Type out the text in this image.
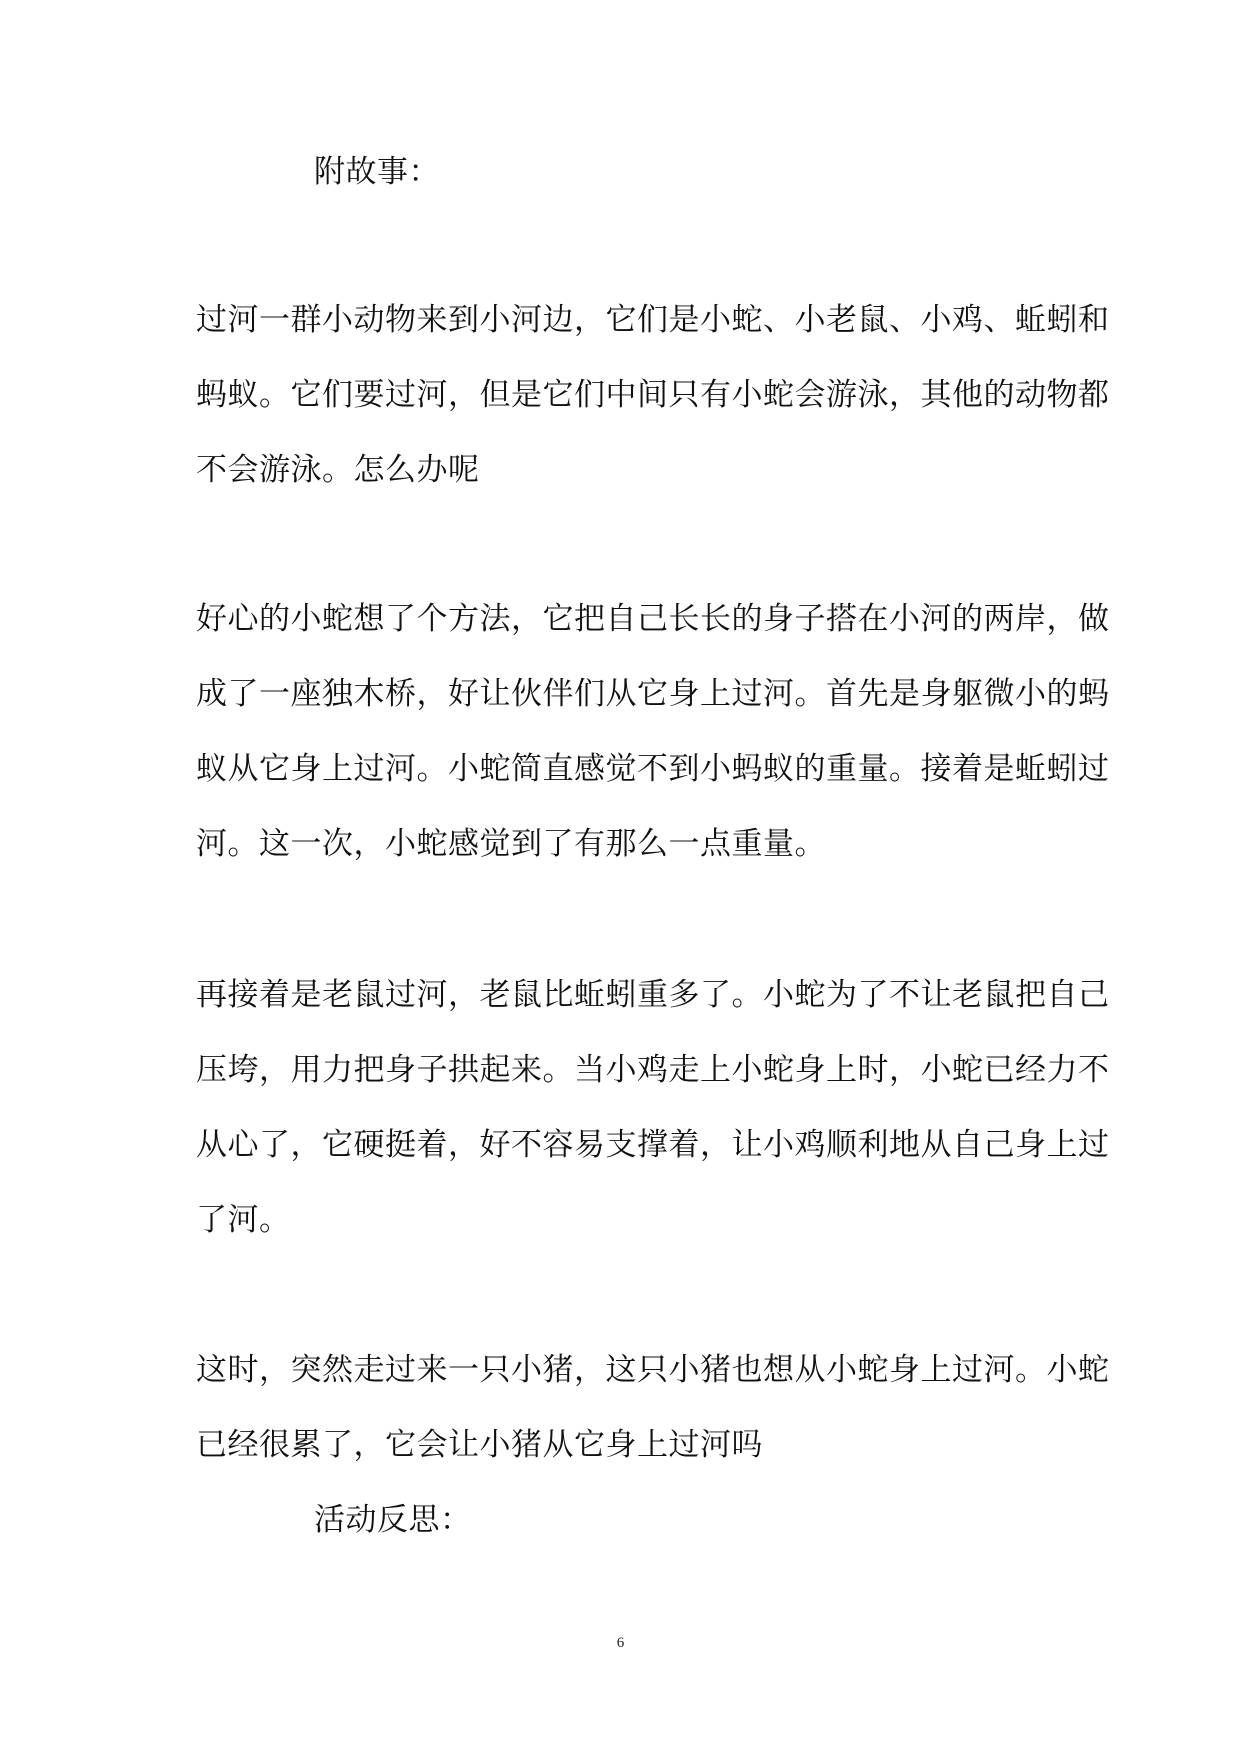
附故事：
过河一群小动物来到小河边，它们是小蛇、小老鼠、小鸡、蚯蚓和
蚂蚁。它们要过河，但是它们中间只有小蛇会游泳，其他的动物都
不会游泳。怎么办呢
好心的小蛇想了个方法，它把自己长长的身子搭在小河的两岸，做
成了一座独木桥，好让伙伴们从它身上过河。首先是身躯微小的蚂
蚁从它身上过河。小蛇简直感觉不到小蚂蚁的重量。接着是蚯蚓过
河。这一次，小蛇感觉到了有那么一点重量。
再接着是老鼠过河，老鼠比蚯蚓重多了。小蛇为了不让老鼠把自己
压垮，用力把身子拱起来。当小鸡走上小蛇身上时，小蛇已经力不
从心了，它硬挺着，好不容易支撑着，让小鸡顺利地从自己身上过
了河。
这时，突然走过来一只小猪，这只小猪也想从小蛇身上过河。小蛇
已经很累了，它会让小猪从它身上过河吗
活动反思：
6
